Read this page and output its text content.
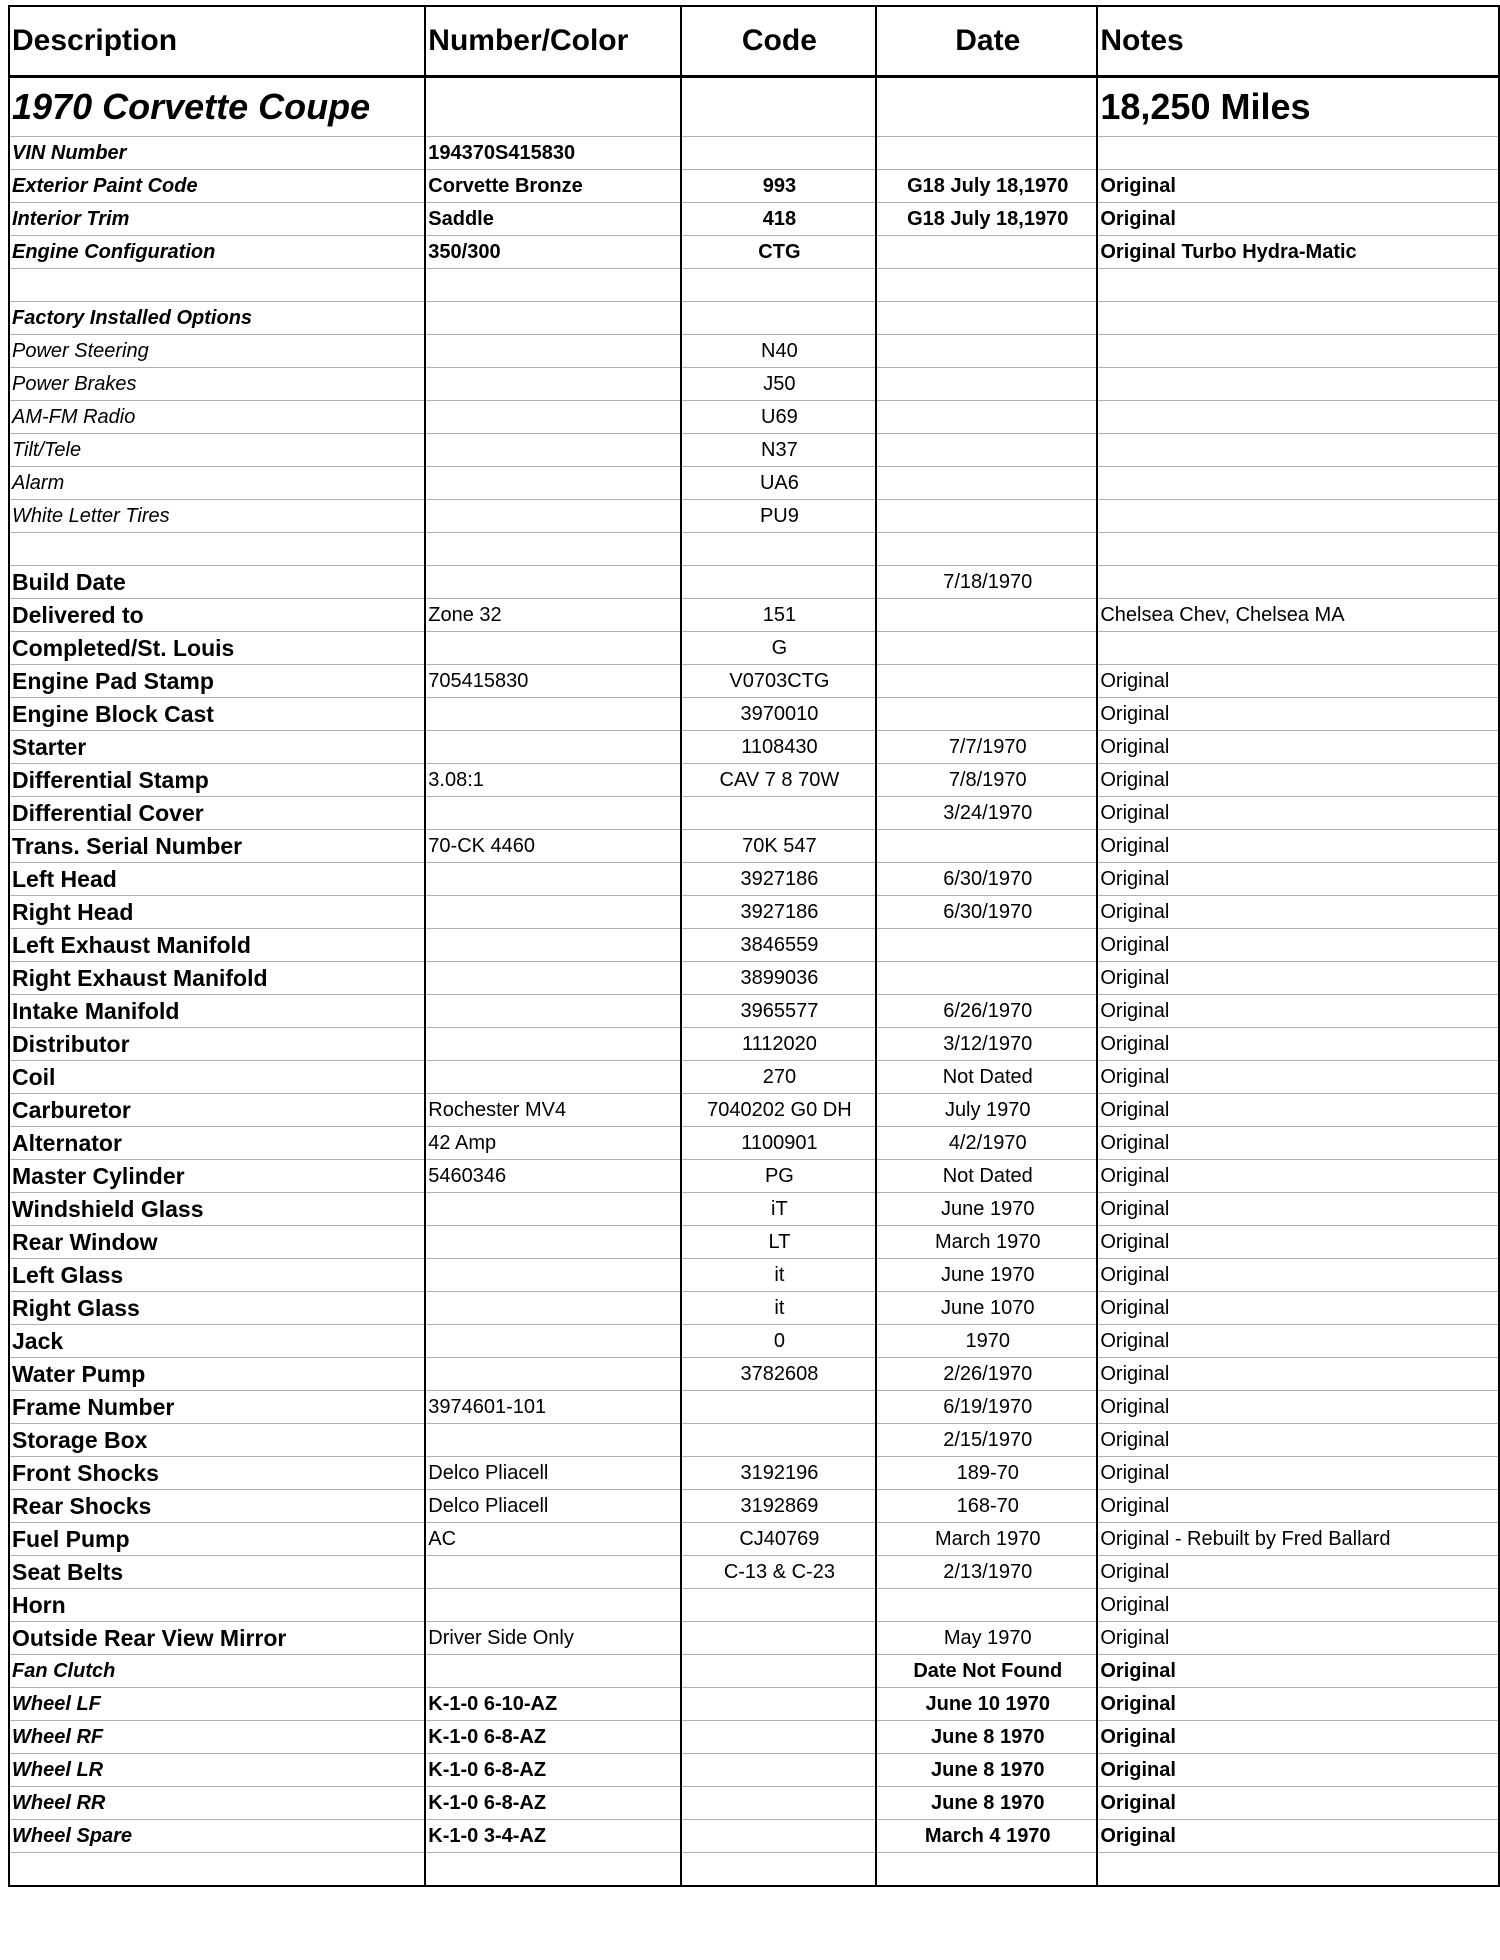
Description	Number/Color	Code	Date	Notes
1970 Corvette Coupe				18,250 Miles
VIN Number	194370S415830			
Exterior Paint Code	Corvette Bronze	993	G18 July 18,1970	Original
Interior Trim	Saddle	418	G18 July 18,1970	Original
Engine Configuration	350/300	CTG		Original Turbo Hydra-Matic

Factory Installed Options				
Power Steering		N40		
Power Brakes		J50		
AM-FM Radio		U69		
Tilt/Tele		N37		
Alarm		UA6		
White Letter Tires		PU9		

Build Date			7/18/1970	
Delivered to	Zone 32	151		Chelsea Chev, Chelsea MA
Completed/St. Louis		G		
Engine Pad Stamp	705415830	V0703CTG		Original
Engine Block Cast		3970010		Original
Starter		1108430	7/7/1970	Original
Differential Stamp	3.08:1	CAV 7 8 70W	7/8/1970	Original
Differential Cover			3/24/1970	Original
Trans. Serial Number	70-CK 4460	70K 547		Original
Left Head		3927186	6/30/1970	Original
Right Head		3927186	6/30/1970	Original
Left Exhaust Manifold		3846559		Original
Right Exhaust Manifold		3899036		Original
Intake Manifold		3965577	6/26/1970	Original
Distributor		1112020	3/12/1970	Original
Coil		270	Not Dated	Original
Carburetor	Rochester MV4	7040202 G0 DH	July 1970	Original
Alternator	42 Amp	1100901	4/2/1970	Original
Master Cylinder	5460346	PG	Not Dated	Original
Windshield Glass		iT	June 1970	Original
Rear Window		LT	March 1970	Original
Left Glass		it	June 1970	Original
Right Glass		it	June 1070	Original
Jack		0	1970	Original
Water Pump		3782608	2/26/1970	Original
Frame Number	3974601-101		6/19/1970	Original
Storage Box			2/15/1970	Original
Front Shocks	Delco Pliacell	3192196	189-70	Original
Rear Shocks	Delco Pliacell	3192869	168-70	Original
Fuel Pump	AC	CJ40769	March 1970	Original - Rebuilt by Fred Ballard
Seat Belts		C-13 & C-23	2/13/1970	Original
Horn				Original
Outside Rear View Mirror	Driver Side Only		May 1970	Original
Fan Clutch			Date Not Found	Original
Wheel LF	K-1-0 6-10-AZ		June 10 1970	Original
Wheel RF	K-1-0 6-8-AZ		June 8 1970	Original
Wheel LR	K-1-0 6-8-AZ		June 8 1970	Original
Wheel RR	K-1-0 6-8-AZ		June 8 1970	Original
Wheel Spare	K-1-0 3-4-AZ		March 4 1970	Original
